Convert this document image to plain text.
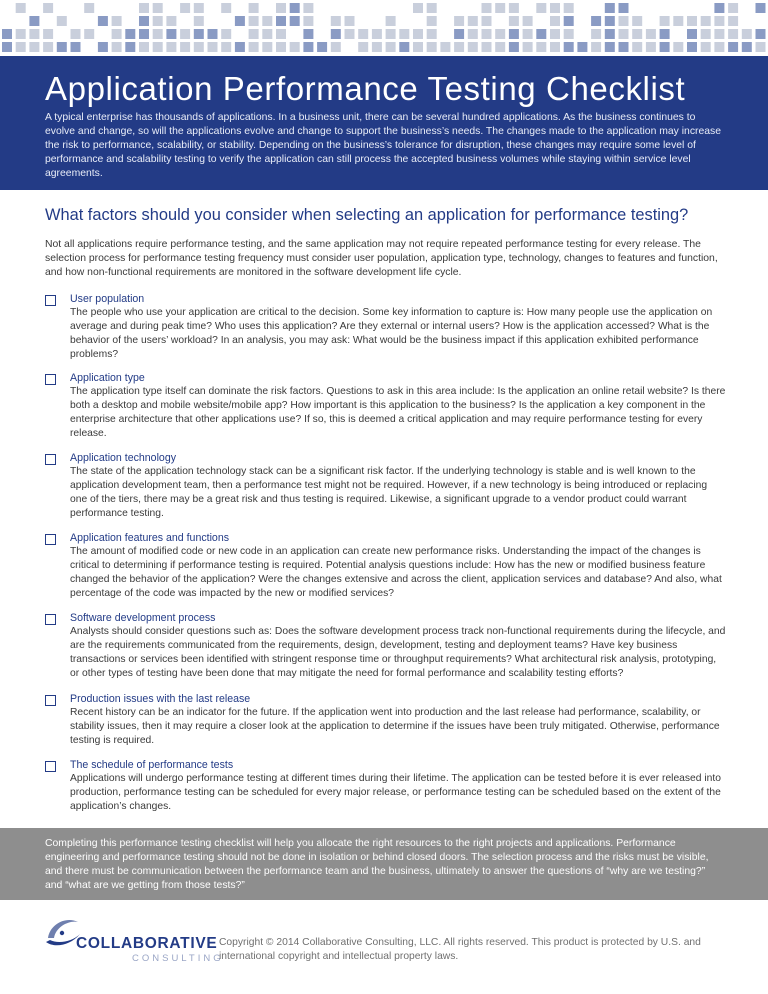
Application Performance Testing Checklist

A typical enterprise has thousands of applications. In a business unit, there can be several hundred applications. As the business continues to evolve and change, so will the applications evolve and change to support the business’s needs. The changes made to the application may increase the risk to performance, scalability, or stability. Depending on the business’s tolerance for disruption, these changes may require some level of performance and scalability testing to verify the application can still process the accepted business volumes while staying within service level agreements.

What factors should you consider when selecting an application for performance testing?

Not all applications require performance testing, and the same application may not require repeated performance testing for every release. The selection process for performance testing frequency must consider user population, application type, technology, changes to features and function, and how non-functional requirements are monitored in the software development life cycle.

User population

The people who use your application are critical to the decision. Some key information to capture is: How many people use the application on average and during peak time? Who uses this application? Are they external or internal users? How is the application accessed? What is the behavior of the users’ workload? In an analysis, you may ask: What would be the business impact if this application exhibited performance problems?

Application type

The application type itself can dominate the risk factors. Questions to ask in this area include: Is the application an online retail website? Is there both a desktop and mobile website/mobile app? How important is this application to the business? Is the application a key component in the enterprise architecture that other applications use? If so, this is deemed a critical application and may require performance testing for every release.

Application technology

The state of the application technology stack can be a significant risk factor. If the underlying technology is stable and is well known to the application development team, then a performance test might not be required. However, if a new technology is being introduced or replacing one of the tiers, there may be a great risk and thus testing is required. Likewise, a significant upgrade to a vendor product could warrant performance testing.

Application features and functions

The amount of modified code or new code in an application can create new performance risks. Understanding the impact of the changes is critical to determining if performance testing is required. Potential analysis questions include: How has the new or modified business feature changed the behavior of the application? Were the changes extensive and across the client, application services and database? And also, what percentage of the code was impacted by the new or modified services?

Software development process

Analysts should consider questions such as: Does the software development process track non-functional requirements during the lifecycle, and are the requirements communicated from the requirements, design, development, testing and deployment teams? Have key business transactions or services been identified with stringent response time or throughput requirements? What architectural risk analysis, prototyping, or other types of testing have been done that may mitigate the need for formal performance and scalability testing efforts?

Production issues with the last release

Recent history can be an indicator for the future. If the application went into production and the last release had performance, scalability, or stability issues, then it may require a closer look at the application to determine if the issues have been truly mitigated. Otherwise, performance testing is required.

The schedule of performance tests

Applications will undergo performance testing at different times during their lifetime. The application can be tested before it is ever released into production, performance testing can be scheduled for every major release, or performance testing can be scheduled based on the extent of the application’s changes.

Completing this performance testing checklist will help you allocate the right resources to the right projects and applications. Performance engineering and performance testing should not be done in isolation or behind closed doors. The selection process and the risks must be visible, and there must be communication between the performance team and the business, ultimately to answer the questions of “why are we testing?” and “what are we getting from those tests?”

COLLABORATIVE
CONSULTING

Copyright © 2014 Collaborative Consulting, LLC. All rights reserved. This product is protected by U.S. and international copyright and intellectual property laws.
